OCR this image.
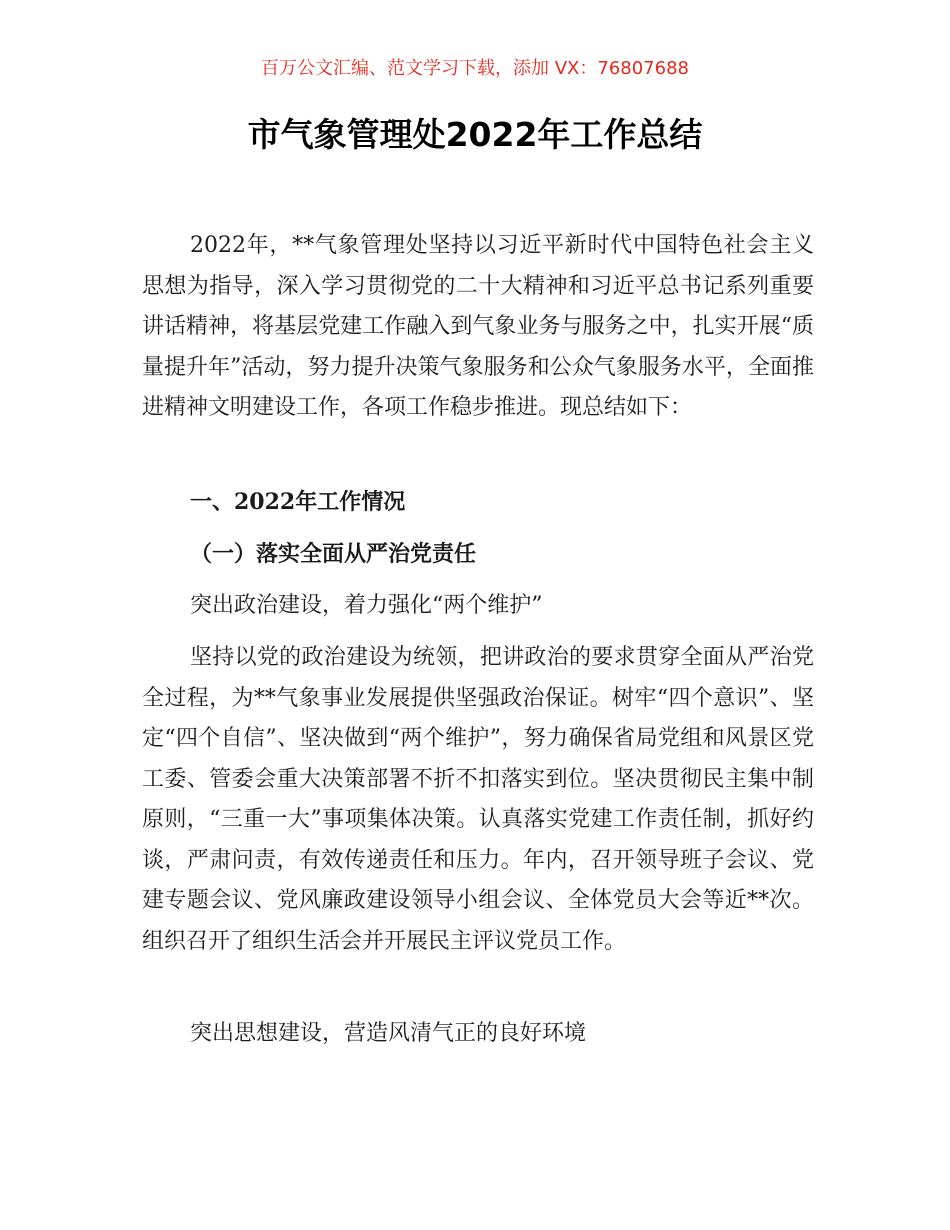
百万公文汇编、范文学习下载，添加 VX：76807688
市气象管理处2022年工作总结

2022年，**气象管理处坚持以习近平新时代中国特色社会主义思想为指导，深入学习贯彻党的二十大精神和习近平总书记系列重要讲话精神，将基层党建工作融入到气象业务与服务之中，扎实开展“质量提升年”活动，努力提升决策气象服务和公众气象服务水平，全面推进精神文明建设工作，各项工作稳步推进。现总结如下：

一、2022年工作情况

（一）落实全面从严治党责任

突出政治建设，着力强化“两个维护”

坚持以党的政治建设为统领，把讲政治的要求贯穿全面从严治党全过程，为**气象事业发展提供坚强政治保证。树牢“四个意识”、坚定“四个自信”、坚决做到“两个维护”，努力确保省局党组和风景区党工委、管委会重大决策部署不折不扣落实到位。坚决贯彻民主集中制原则，“三重一大”事项集体决策。认真落实党建工作责任制，抓好约谈，严肃问责，有效传递责任和压力。年内，召开领导班子会议、党建专题会议、党风廉政建设领导小组会议、全体党员大会等近**次。组织召开了组织生活会并开展民主评议党员工作。

突出思想建设，营造风清气正的良好环境
